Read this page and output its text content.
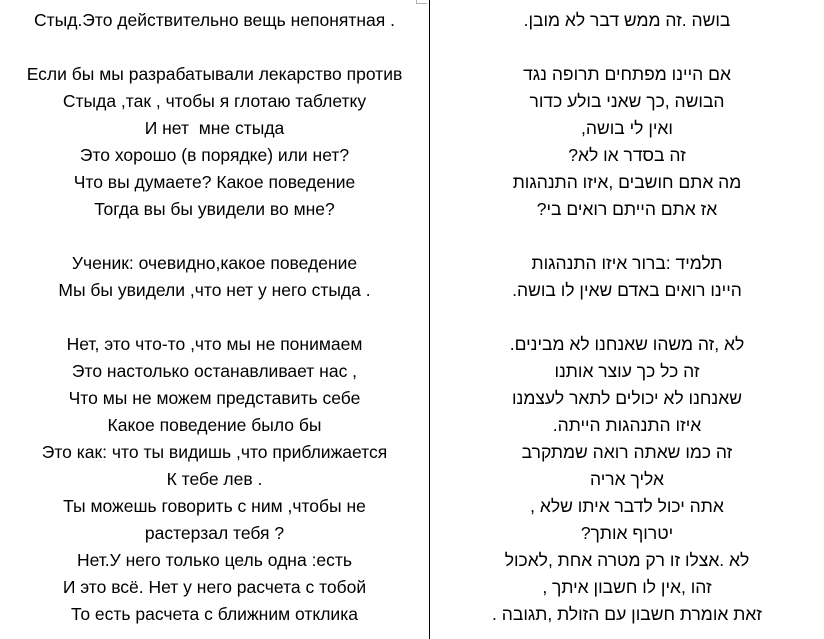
Стыд.Это действительно вещь непонятная .
Если бы мы разрабатывали лекарство против
Стыда ,так , чтобы я глотаю таблетку
И нет  мне стыда
Это хорошо (в порядке) или нет?
Что вы думаете? Какое поведение
Тогда вы бы увидели во мне?
Ученик: очевидно,какое поведение
Мы бы увидели ,что нет у него стыда .
Нет, это что-то ,что мы не понимаем
Это настолько останавливает нас ,
Что мы не можем представить себе
Какое поведение было бы
Это как: что ты видишь ,что приближается
К тебе лев .
Ты можешь говорить с ним ,чтобы не
растерзал тебя ?
Нет.У него только цель одна :есть
И это всё. Нет у него расчета с тобой
То есть расчета с ближним отклика
בושה .זה ממש דבר לא מובן.
אם היינו מפתחים תרופה נגד
הבושה ,כך שאני בולע כדור
ואין לי בושה,
זה בסדר או לא?
מה אתם חושבים ,איזו התנהגות
אז אתם הייתם רואים בי?
תלמיד :ברור איזו התנהגות
היינו רואים באדם שאין לו בושה.
לא ,זה משהו שאנחנו לא מבינים.
זה כל כך עוצר אותנו
שאנחנו לא יכולים לתאר לעצמנו
איזו התנהגות הייתה.
זה כמו שאתה רואה שמתקרב
אליך אריה
אתה יכול לדבר איתו שלא ,
יטרוף אותך?
לא .אצלו זו רק מטרה אחת ,לאכול
זהו ,אין לו חשבון איתך ,
זאת אומרת חשבון עם הזולת ,תגובה .
